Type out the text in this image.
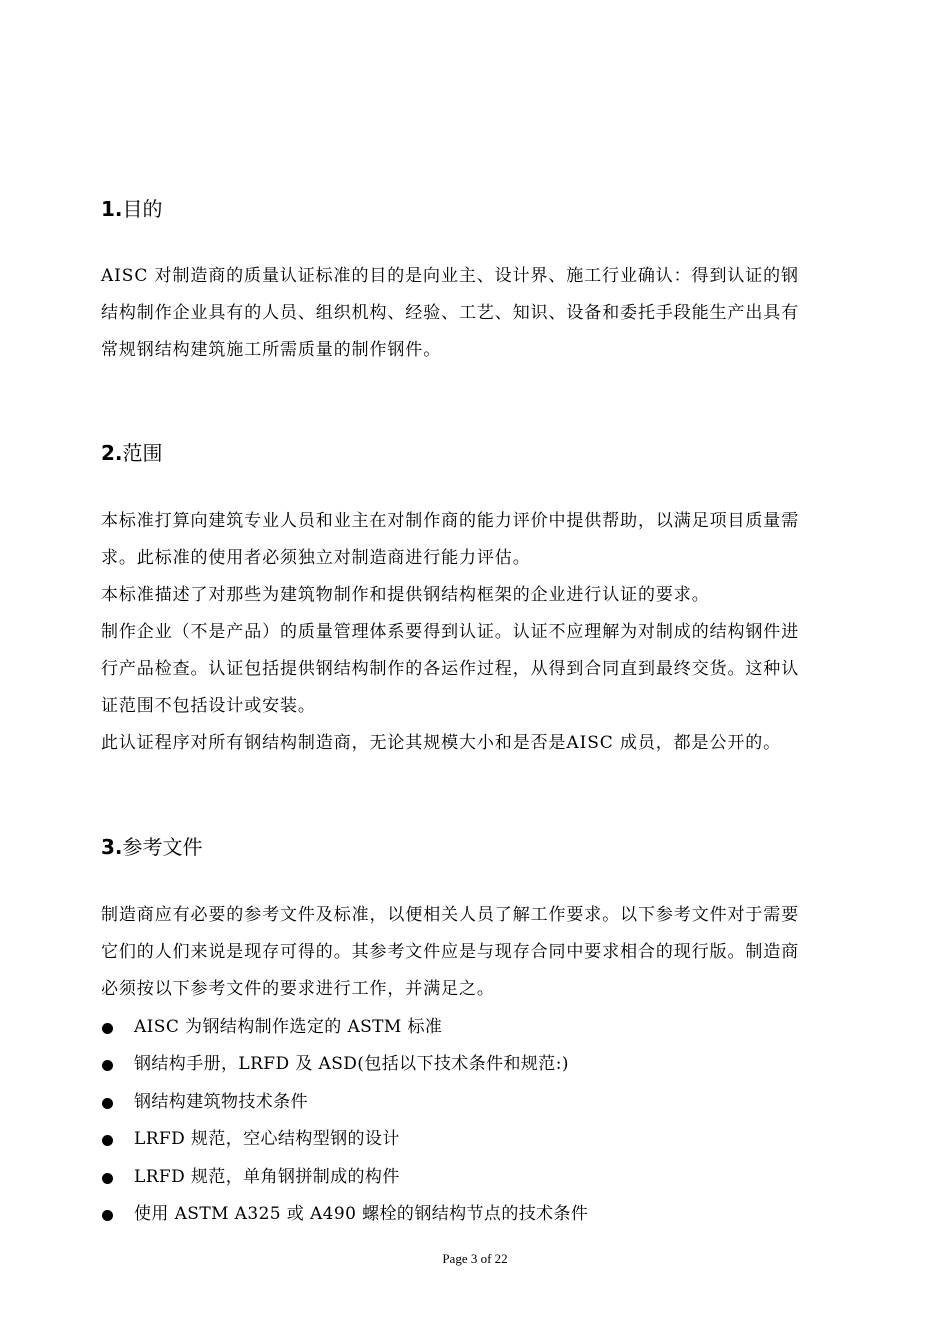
1.目的
AISC 对制造商的质量认证标准的目的是向业主、设计界、施工行业确认：得到认证的钢
结构制作企业具有的人员、组织机构、经验、工艺、知识、设备和委托手段能生产出具有
常规钢结构建筑施工所需质量的制作钢件。
2.范围
本标准打算向建筑专业人员和业主在对制作商的能力评价中提供帮助，以满足项目质量需
求。此标准的使用者必须独立对制造商进行能力评估。
本标准描述了对那些为建筑物制作和提供钢结构框架的企业进行认证的要求。
制作企业（不是产品）的质量管理体系要得到认证。认证不应理解为对制成的结构钢件进
行产品检查。认证包括提供钢结构制作的各运作过程，从得到合同直到最终交货。这种认
证范围不包括设计或安装。
此认证程序对所有钢结构制造商，无论其规模大小和是否是AISC 成员，都是公开的。
3.参考文件
制造商应有必要的参考文件及标准，以便相关人员了解工作要求。以下参考文件对于需要
它们的人们来说是现存可得的。其参考文件应是与现存合同中要求相合的现行版。制造商
必须按以下参考文件的要求进行工作，并满足之。
AISC 为钢结构制作选定的 ASTM 标准
钢结构手册，LRFD 及 ASD(包括以下技术条件和规范:)
钢结构建筑物技术条件
LRFD 规范，空心结构型钢的设计
LRFD 规范，单角钢拼制成的构件
使用 ASTM A325 或 A490 螺栓的钢结构节点的技术条件
Page 3 of 22
